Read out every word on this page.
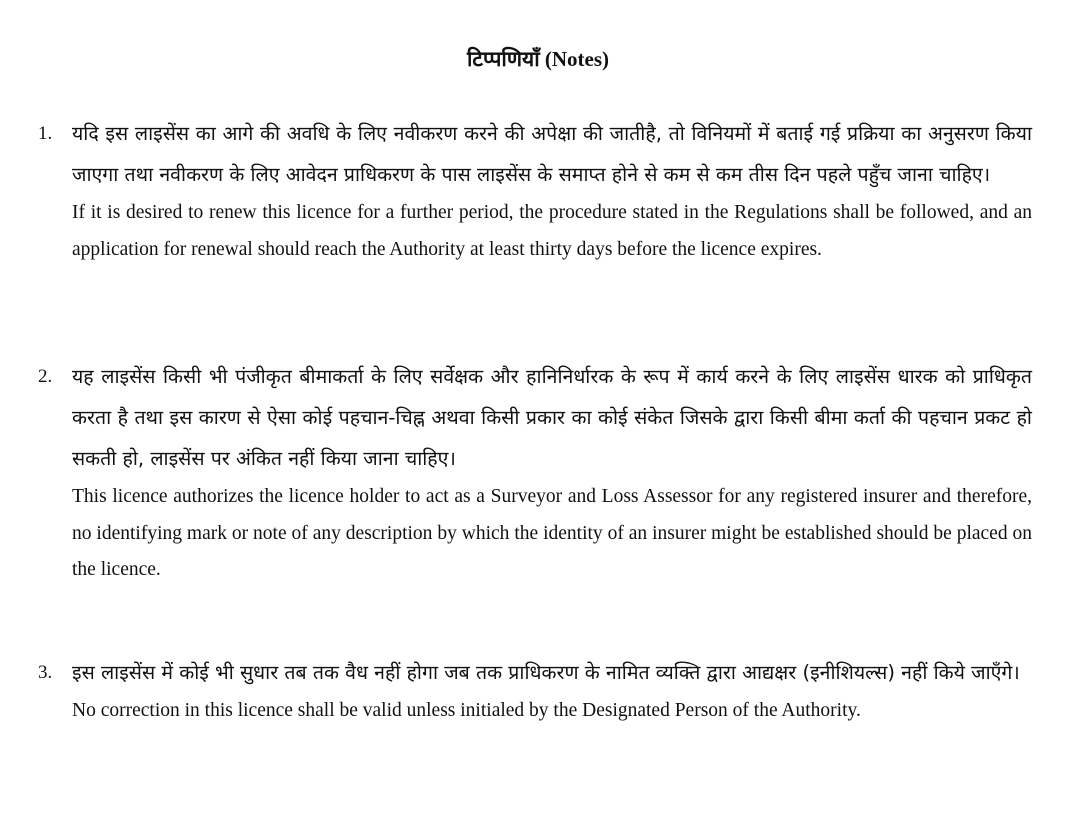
टिप्पणियाँ (Notes)
1.	यदि इस लाइसेंस का आगे की अवधि के लिए नवीकरण करने की अपेक्षा की जातीहै, तो विनियमों में बताई गई प्रक्रिया का अनुसरण किया जाएगा तथा नवीकरण के लिए आवेदन प्राधिकरण के पास लाइसेंस के समाप्त होने से कम से कम तीस दिन पहले पहुँच जाना चाहिए।

If it is desired to renew this licence for a further period, the procedure stated in the Regulations shall be followed, and an application for renewal should reach the Authority at least thirty days before the licence expires.

2.	यह लाइसेंस किसी भी पंजीकृत बीमाकर्ता के लिए सर्वेक्षक और हानिनिर्धारक के रूप में कार्य करने के लिए लाइसेंस धारक को प्राधिकृत करता है तथा इस कारण से ऐसा कोई पहचान-चिह्न अथवा किसी प्रकार का कोई संकेत जिसके द्वारा किसी बीमा कर्ता की पहचान प्रकट हो सकती हो, लाइसेंस पर अंकित नहीं किया जाना चाहिए।

This licence authorizes the licence holder to act as a Surveyor and Loss Assessor for any registered insurer and therefore, no identifying mark or note of any description by which the identity of an insurer might be established should be placed on the licence.

3.	इस लाइसेंस में कोई भी सुधार तब तक वैध नहीं होगा जब तक प्राधिकरण के नामित व्यक्ति द्वारा आद्यक्षर (इनीशियल्स) नहीं किये जाएँगे।

No correction in this licence shall be valid unless initialed by the Designated Person of the Authority.
